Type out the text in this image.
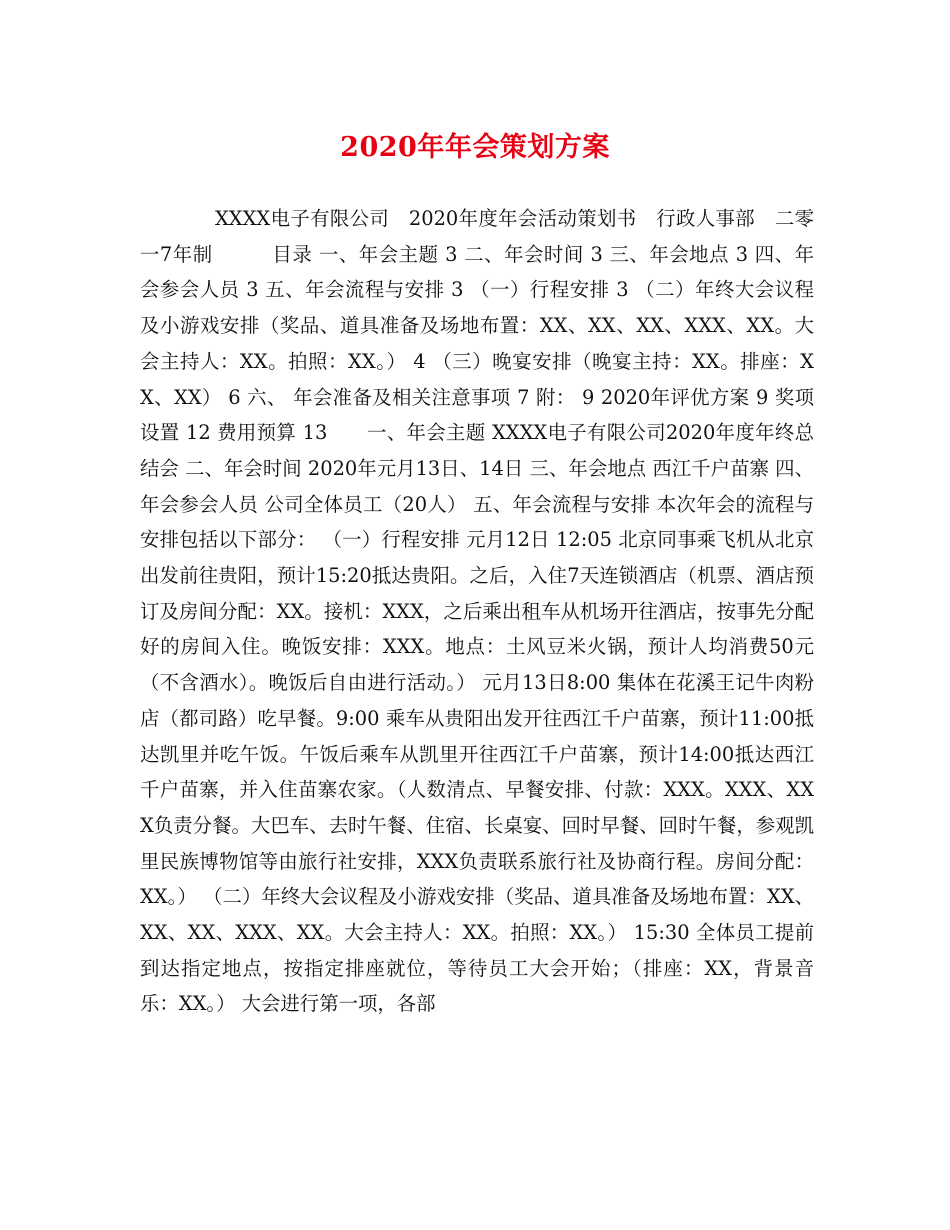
2020年年会策划方案

XXXX电子有限公司　2020年度年会活动策划书　行政人事部　二零一7年制　　　目录 一、年会主题 3 二、年会时间 3 三、年会地点 3 四、年会参会人员 3 五、年会流程与安排 3 （一）行程安排 3 （二）年终大会议程及小游戏安排（奖品、道具准备及场地布置：XX、XX、XX、XXX、XX。大会主持人：XX。拍照：XX。） 4 （三）晚宴安排（晚宴主持：XX。排座：XX、XX） 6 六、 年会准备及相关注意事项 7 附： 9 2020年评优方案 9 奖项设置 12 费用预算 13　　一、年会主题 XXXX电子有限公司2020年度年终总结会 二、年会时间 2020年元月13日、14日 三、年会地点 西江千户苗寨 四、年会参会人员 公司全体员工（20人） 五、年会流程与安排 本次年会的流程与安排包括以下部分： （一）行程安排 元月12日 12:05 北京同事乘飞机从北京出发前往贵阳，预计15:20抵达贵阳。之后，入住7天连锁酒店（机票、酒店预订及房间分配：XX。接机：XXX，之后乘出租车从机场开往酒店，按事先分配好的房间入住。晚饭安排：XXX。地点：土风豆米火锅，预计人均消费50元（不含酒水）。晚饭后自由进行活动。） 元月13日8:00 集体在花溪王记牛肉粉店（都司路）吃早餐。9:00 乘车从贵阳出发开往西江千户苗寨，预计11:00抵达凯里并吃午饭。午饭后乘车从凯里开往西江千户苗寨，预计14:00抵达西江千户苗寨，并入住苗寨农家。（人数清点、早餐安排、付款：XXX。XXX、XXX负责分餐。大巴车、去时午餐、住宿、长桌宴、回时早餐、回时午餐，参观凯里民族博物馆等由旅行社安排，XXX负责联系旅行社及协商行程。房间分配：XX。） （二）年终大会议程及小游戏安排（奖品、道具准备及场地布置：XX、XX、XX、XXX、XX。大会主持人：XX。拍照：XX。） 15:30 全体员工提前到达指定地点，按指定排座就位，等待员工大会开始；（排座：XX，背景音乐：XX。） 大会进行第一项，各部
